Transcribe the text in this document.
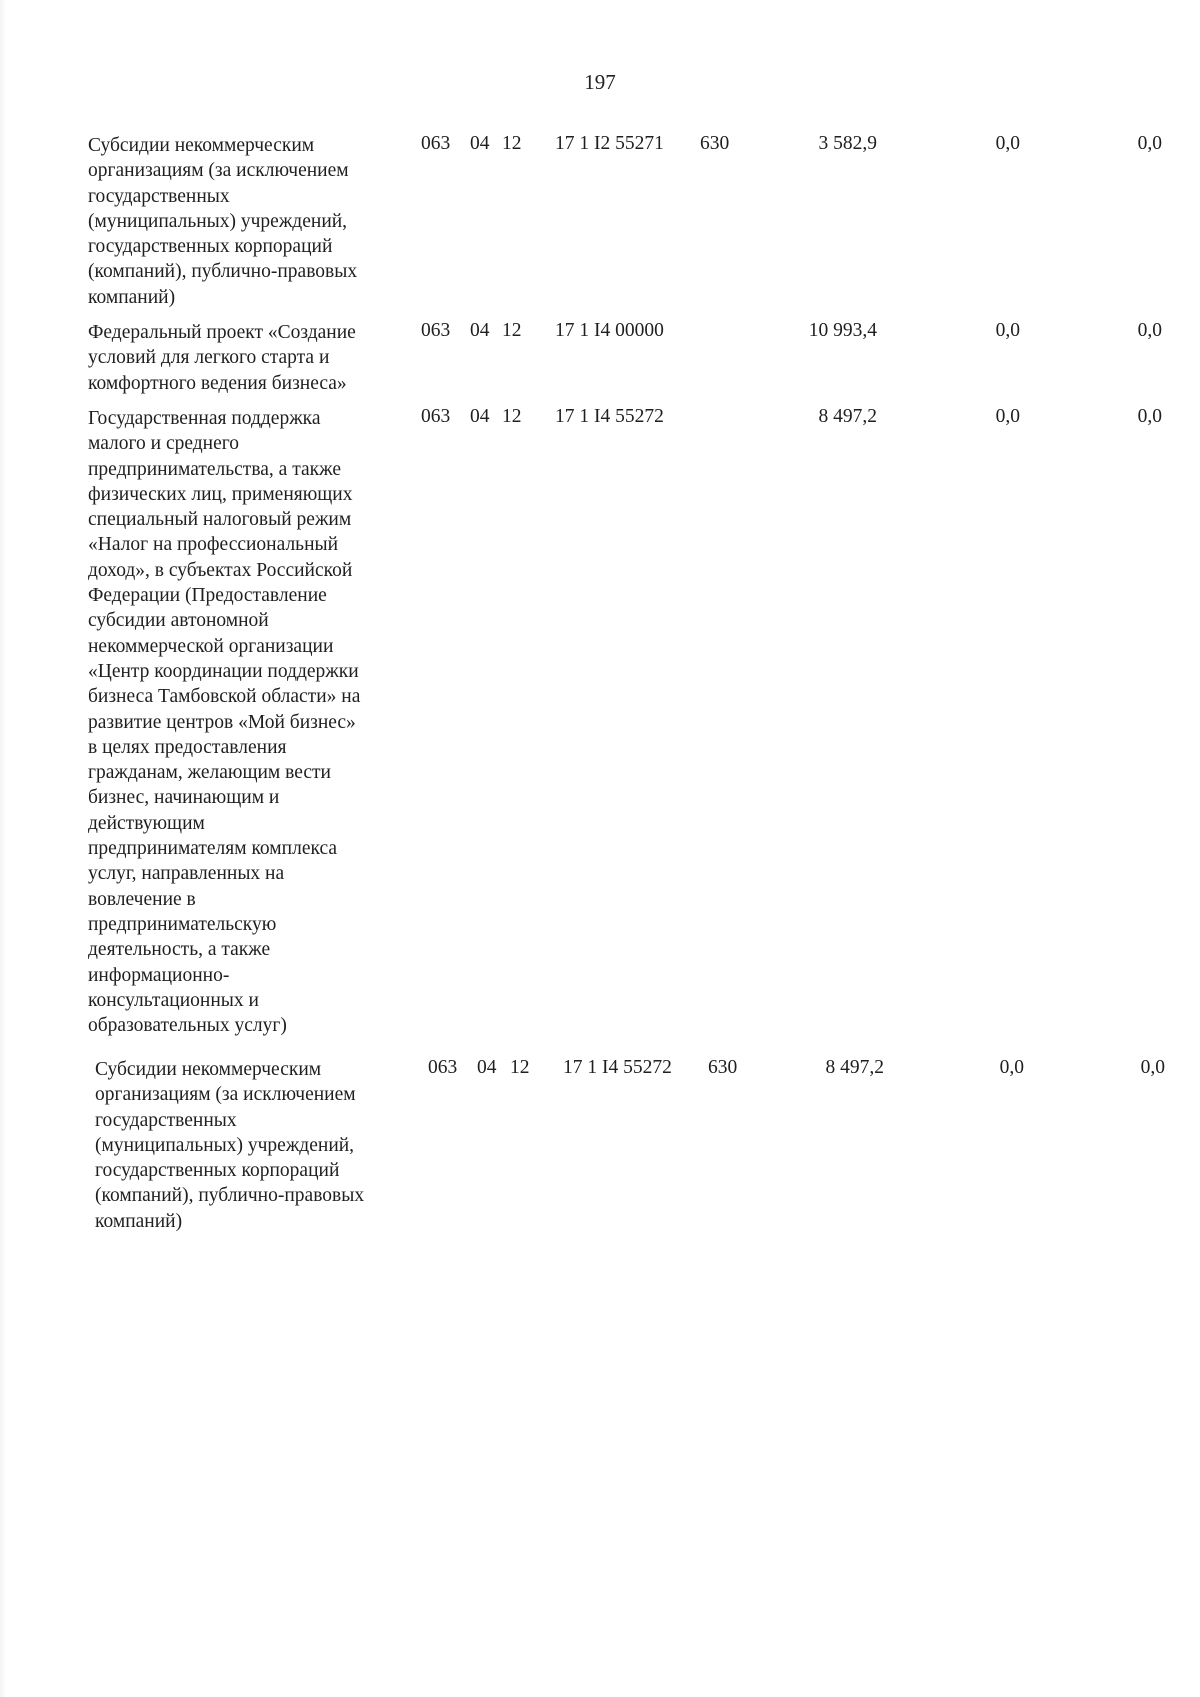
197
Субсидии некоммерческим
организациям (за исключением
государственных
(муниципальных) учреждений,
государственных корпораций
(компаний), публично-правовых
компаний)
063 04 12 17 1 I2 55271 630	3 582,9	0,0	0,0
Федеральный проект «Создание
условий для легкого старта и
комфортного ведения бизнеса»
063 04 12 17 1 I4 00000	10 993,4	0,0	0,0
Государственная поддержка
малого и среднего
предпринимательства, а также
физических лиц, применяющих
специальный налоговый режим
«Налог на профессиональный
доход», в субъектах Российской
Федерации (Предоставление
субсидии автономной
некоммерческой организации
«Центр координации поддержки
бизнеса Тамбовской области» на
развитие центров «Мой бизнес»
в целях предоставления
гражданам, желающим вести
бизнес, начинающим и
действующим
предпринимателям комплекса
услуг, направленных на
вовлечение в
предпринимательскую
деятельность, а также
информационно-
консультационных и
образовательных услуг)
063 04 12 17 1 I4 55272	8 497,2	0,0	0,0
Субсидии некоммерческим
организациям (за исключением
государственных
(муниципальных) учреждений,
государственных корпораций
(компаний), публично-правовых
компаний)
063 04 12 17 1 I4 55272 630	8 497,2	0,0	0,0
